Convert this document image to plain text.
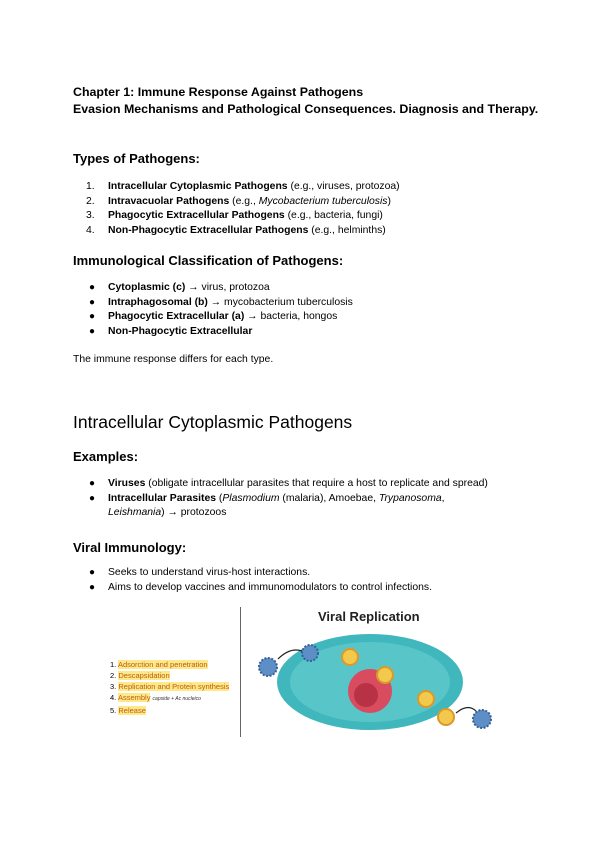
Chapter 1: Immune Response Against Pathogens
Evasion Mechanisms and Pathological Consequences. Diagnosis and Therapy.
Types of Pathogens:
1. Intracellular Cytoplasmic Pathogens (e.g., viruses, protozoa)
2. Intravacuolar Pathogens (e.g., Mycobacterium tuberculosis)
3. Phagocytic Extracellular Pathogens (e.g., bacteria, fungi)
4. Non-Phagocytic Extracellular Pathogens (e.g., helminths)
Immunological Classification of Pathogens:
● Cytoplasmic (c) → virus, protozoa
● Intraphagosomal (b) → mycobacterium tuberculosis
● Phagocytic Extracellular (a) → bacteria, hongos
● Non-Phagocytic Extracellular
The immune response differs for each type.
Intracellular Cytoplasmic Pathogens
Examples:
● Viruses (obligate intracellular parasites that require a host to replicate and spread)
● Intracellular Parasites (Plasmodium (malaria), Amoebae, Trypanosoma,
Leishmania) → protozoos
Viral Immunology:
● Seeks to understand virus-host interactions.
● Aims to develop vaccines and immunomodulators to control infections.
1. Adsorction and penetration
2. Descapsidation
3. Replication and Protein synthesis
4. Assembly capside + Ac nucleico
5. Release
Viral Replication
